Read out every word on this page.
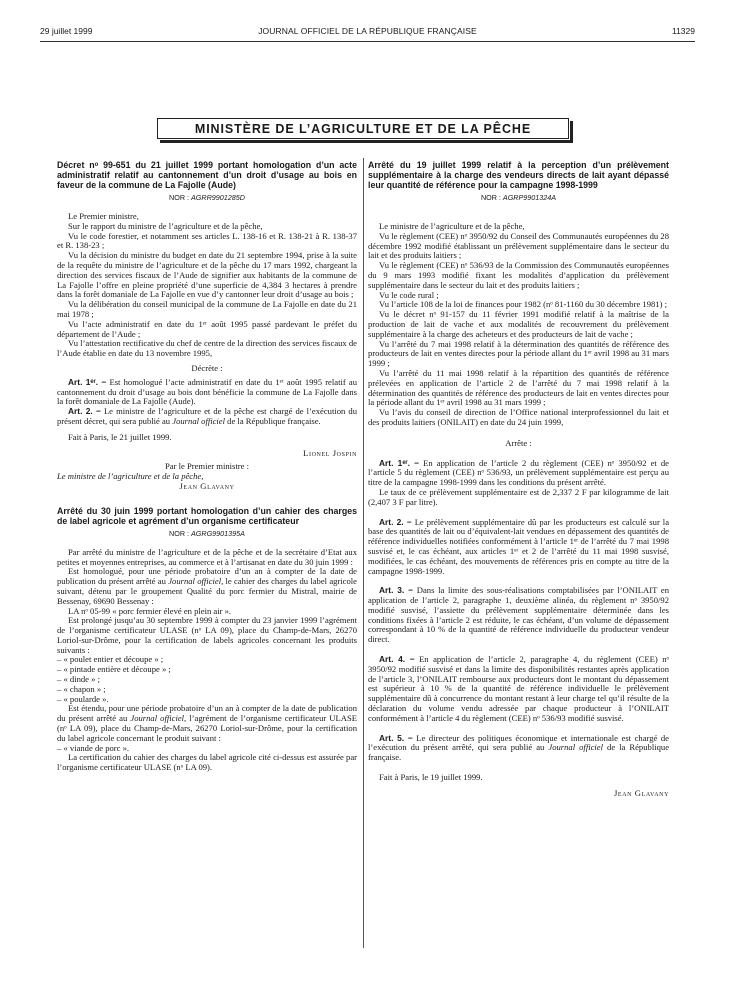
29 juillet 1999	JOURNAL OFFICIEL DE LA RÉPUBLIQUE FRANÇAISE	11329
MINISTÈRE DE L’AGRICULTURE ET DE LA PÊCHE

Décret nᵒ 99-651 du 21 juillet 1999 portant homologation d’un acte administratif relatif au cantonnement d’un droit d’usage au bois en faveur de la commune de La Fajolle (Aude)

NOR : AGRR9901285D

Le Premier ministre,

Sur le rapport du ministre de l’agriculture et de la pêche,

Vu le code forestier, et notamment ses articles L. 138-16 et R. 138-21 à R. 138-37 et R. 138-23 ;

Vu la décision du ministre du budget en date du 21 septembre 1994, prise à la suite de la requête du ministre de l’agriculture et de la pêche du 17 mars 1992, chargeant la direction des services fiscaux de l’Aude de signifier aux habitants de la commune de La Fajolle l’offre en pleine propriété d’une superficie de 4,384 3 hectares à prendre dans la forêt domaniale de La Fajolle en vue d’y cantonner leur droit d’usage au bois ;

Vu la délibération du conseil municipal de la commune de La Fajolle en date du 21 mai 1978 ;

Vu l’acte administratif en date du 1ᵉʳ août 1995 passé pardevant le préfet du département de l’Aude ;

Vu l’attestation rectificative du chef de centre de la direction des services fiscaux de l’Aude établie en date du 13 novembre 1995,

Décrète :

Art. 1ᵉʳ. − Est homologué l’acte administratif en date du 1ᵉʳ août 1995 relatif au cantonnement du droit d’usage au bois dont bénéficie la commune de La Fajolle dans la forêt domaniale de La Fajolle (Aude).

Art. 2. − Le ministre de l’agriculture et de la pêche est chargé de l’exécution du présent décret, qui sera publié au Journal officiel de la République française.

Fait à Paris, le 21 juillet 1999.

Lionel Jospin

Par le Premier ministre :

Le ministre de l’agriculture et de la pêche,

Jean Glavany

Arrêté du 30 juin 1999 portant homologation d’un cahier des charges de label agricole et agrément d’un organisme certificateur

NOR : AGRG9901395A

Par arrêté du ministre de l’agriculture et de la pêche et de la secrétaire d’Etat aux petites et moyennes entreprises, au commerce et à l’artisanat en date du 30 juin 1999 :

Est homologué, pour une période probatoire d’un an à compter de la date de publication du présent arrêté au Journal officiel, le cahier des charges du label agricole suivant, détenu par le groupement Qualité du porc fermier du Mistral, mairie de Bessenay, 69690 Bessenay :

LA nᵒ 05-99 « porc fermier élevé en plein air ».

Est prolongé jusqu’au 30 septembre 1999 à compter du 23 janvier 1999 l’agrément de l’organisme certificateur ULASE (nᵒ LA 09), place du Champ-de-Mars, 26270 Loriol-sur-Drôme, pour la certification de labels agricoles concernant les produits suivants :

– « poulet entier et découpe » ;

– « pintade entière et découpe » ;

– « dinde » ;

– « chapon » ;

– « poularde ».

Est étendu, pour une période probatoire d’un an à compter de la date de publication du présent arrêté au Journal officiel, l’agrément de l’organisme certificateur ULASE (nᵒ LA 09), place du Champ-de-Mars, 26270 Loriol-sur-Drôme, pour la certification du label agricole concernant le produit suivant :

– « viande de porc ».

La certification du cahier des charges du label agricole cité ci-dessus est assurée par l’organisme certificateur ULASE (nᵒ LA 09).

Arrêté du 19 juillet 1999 relatif à la perception d’un prélèvement supplémentaire à la charge des vendeurs directs de lait ayant dépassé leur quantité de référence pour la campagne 1998-1999

NOR : AGRP9901324A

Le ministre de l’agriculture et de la pêche,

Vu le règlement (CEE) nᵒ 3950/92 du Conseil des Communautés européennes du 28 décembre 1992 modifié établissant un prélèvement supplémentaire dans le secteur du lait et des produits laitiers ;

Vu le règlement (CEE) nᵒ 536/93 de la Commission des Communautés européennes du 9 mars 1993 modifié fixant les modalités d’application du prélèvement supplémentaire dans le secteur du lait et des produits laitiers ;

Vu le code rural ;

Vu l’article 108 de la loi de finances pour 1982 (nᵒ 81-1160 du 30 décembre 1981) ;

Vu le décret nᵒ 91-157 du 11 février 1991 modifié relatif à la maîtrise de la production de lait de vache et aux modalités de recouvrement du prélèvement supplémentaire à la charge des acheteurs et des producteurs de lait de vache ;

Vu l’arrêté du 7 mai 1998 relatif à la détermination des quantités de référence des producteurs de lait en ventes directes pour la période allant du 1ᵉʳ avril 1998 au 31 mars 1999 ;

Vu l’arrêté du 11 mai 1998 relatif à la répartition des quantités de référence prélevées en application de l’article 2 de l’arrêté du 7 mai 1998 relatif à la détermination des quantités de référence des producteurs de lait en ventes directes pour la période allant du 1ᵉʳ avril 1998 au 31 mars 1999 ;

Vu l’avis du conseil de direction de l’Office national interprofessionnel du lait et des produits laitiers (ONILAIT) en date du 24 juin 1999,

Arrête :

Art. 1ᵉʳ. − En application de l’article 2 du règlement (CEE) nᵒ 3950/92 et de l’article 5 du règlement (CEE) nᵒ 536/93, un prélèvement supplémentaire est perçu au titre de la campagne 1998-1999 dans les conditions du présent arrêté.

Le taux de ce prélèvement supplémentaire est de 2,337 2 F par kilogramme de lait (2,407 3 F par litre).

Art. 2. − Le prélèvement supplémentaire dû par les producteurs est calculé sur la base des quantités de lait ou d’équivalent-lait vendues en dépassement des quantités de référence individuelles notifiées conformément à l’article 1ᵉʳ de l’arrêté du 7 mai 1998 susvisé et, le cas échéant, aux articles 1ᵉʳ et 2 de l’arrêté du 11 mai 1998 susvisé, modifiées, le cas échéant, des mouvements de références pris en compte au titre de la campagne 1998-1999.

Art. 3. − Dans la limite des sous-réalisations comptabilisées par l’ONILAIT en application de l’article 2, paragraphe 1, deuxième alinéa, du règlement nᵒ 3950/92 modifié susvisé, l’assiette du prélèvement supplémentaire déterminée dans les conditions fixées à l’article 2 est réduite, le cas échéant, d’un volume de dépassement correspondant à 10 % de la quantité de référence individuelle du producteur vendeur direct.

Art. 4. − En application de l’article 2, paragraphe 4, du règlement (CEE) nᵒ 3950/92 modifié susvisé et dans la limite des disponibilités restantes après application de l’article 3, l’ONILAIT rembourse aux producteurs dont le montant du dépassement est supérieur à 10 % de la quantité de référence individuelle le prélèvement supplémentaire dû à concurrence du montant restant à leur charge tel qu’il résulte de la déclaration du volume vendu adressée par chaque producteur à l’ONILAIT conformément à l’article 4 du règlement (CEE) nᵒ 536/93 modifié susvisé.

Art. 5. − Le directeur des politiques économique et internationale est chargé de l’exécution du présent arrêté, qui sera publié au Journal officiel de la République française.

Fait à Paris, le 19 juillet 1999.

Jean Glavany
